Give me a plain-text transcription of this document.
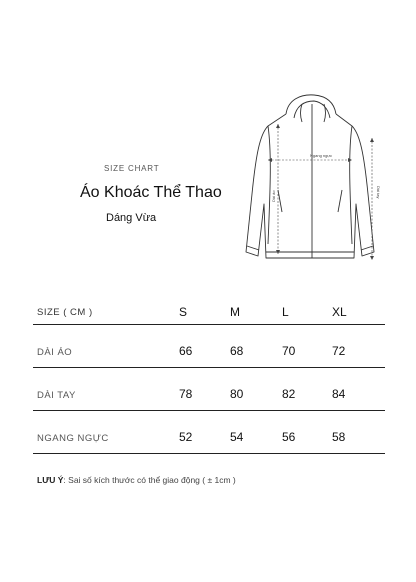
SIZE CHART
Áo Khoác Thể Thao
Dáng Vừa
Ngang ngực
Dài áo	Dài tay
SIZE ( CM )	S	M	L	XL
DÀI ÁO	66	68	70	72
DÀI TAY	78	80	82	84
NGANG NGỰC	52	54	56	58
LƯU Ý: Sai số kích thước có thể giao động ( ± 1cm )
